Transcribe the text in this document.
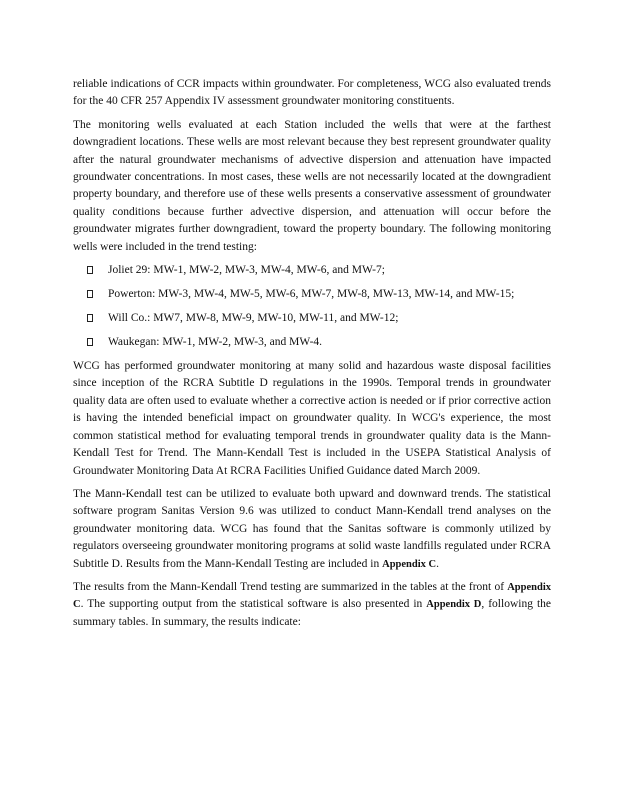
reliable indications of CCR impacts within groundwater. For completeness, WCG also evaluated trends for the 40 CFR 257 Appendix IV assessment groundwater monitoring constituents.

The monitoring wells evaluated at each Station included the wells that were at the farthest downgradient locations. These wells are most relevant because they best represent groundwater quality after the natural groundwater mechanisms of advective dispersion and attenuation have impacted groundwater concentrations. In most cases, these wells are not necessarily located at the downgradient property boundary, and therefore use of these wells presents a conservative assessment of groundwater quality conditions because further advective dispersion, and attenuation will occur before the groundwater migrates further downgradient, toward the property boundary. The following monitoring wells were included in the trend testing:

Joliet 29: MW-1, MW-2, MW-3, MW-4, MW-6, and MW-7;
Powerton: MW-3, MW-4, MW-5, MW-6, MW-7, MW-8, MW-13, MW-14, and MW-15;
Will Co.: MW7, MW-8, MW-9, MW-10, MW-11, and MW-12;
Waukegan: MW-1, MW-2, MW-3, and MW-4.

WCG has performed groundwater monitoring at many solid and hazardous waste disposal facilities since inception of the RCRA Subtitle D regulations in the 1990s. Temporal trends in groundwater quality data are often used to evaluate whether a corrective action is needed or if prior corrective action is having the intended beneficial impact on groundwater quality. In WCG's experience, the most common statistical method for evaluating temporal trends in groundwater quality data is the Mann-Kendall Test for Trend. The Mann-Kendall Test is included in the USEPA Statistical Analysis of Groundwater Monitoring Data At RCRA Facilities Unified Guidance dated March 2009.

The Mann-Kendall test can be utilized to evaluate both upward and downward trends. The statistical software program Sanitas Version 9.6 was utilized to conduct Mann-Kendall trend analyses on the groundwater monitoring data. WCG has found that the Sanitas software is commonly utilized by regulators overseeing groundwater monitoring programs at solid waste landfills regulated under RCRA Subtitle D. Results from the Mann-Kendall Testing are included in Appendix C.

The results from the Mann-Kendall Trend testing are summarized in the tables at the front of Appendix C. The supporting output from the statistical software is also presented in Appendix D, following the summary tables. In summary, the results indicate:
